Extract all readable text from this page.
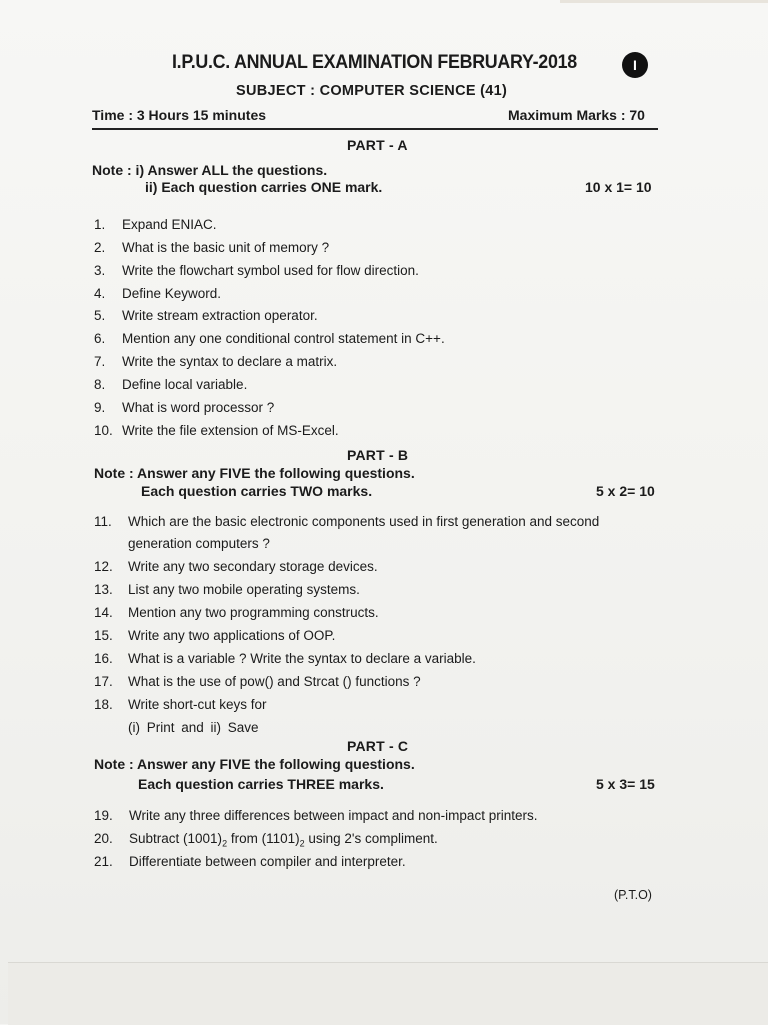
I.P.U.C. ANNUAL EXAMINATION FEBRUARY-2018	I
SUBJECT : COMPUTER SCIENCE (41)
Time : 3 Hours 15 minutes	Maximum Marks : 70
PART - A
Note : i) Answer ALL the questions.
ii) Each question carries ONE mark.	10 x 1= 10
1. Expand ENIAC.
2. What is the basic unit of memory ?
3. Write the flowchart symbol used for flow direction.
4. Define Keyword.
5. Write stream extraction operator.
6. Mention any one conditional control statement in C++.
7. Write the syntax to declare a matrix.
8. Define local variable.
9. What is word processor ?
10. Write the file extension of MS-Excel.
PART - B
Note : Answer any FIVE the following questions.
Each question carries TWO marks.	5 x 2= 10
11. Which are the basic electronic components used in first generation and second
generation computers ?
12. Write any two secondary storage devices.
13. List any two mobile operating systems.
14. Mention any two programming constructs.
15. Write any two applications of OOP.
16. What is a variable ? Write the syntax to declare a variable.
17. What is the use of pow() and Strcat () functions ?
18. Write short-cut keys for
(i) Print and ii) Save
PART - C
Note : Answer any FIVE the following questions.
Each question carries THREE marks.	5 x 3= 15
19. Write any three differences between impact and non-impact printers.
20. Subtract $(1001)_2$ from $(1101)_2$ using 2's compliment.
21. Differentiate between compiler and interpreter.
(P.T.O)
